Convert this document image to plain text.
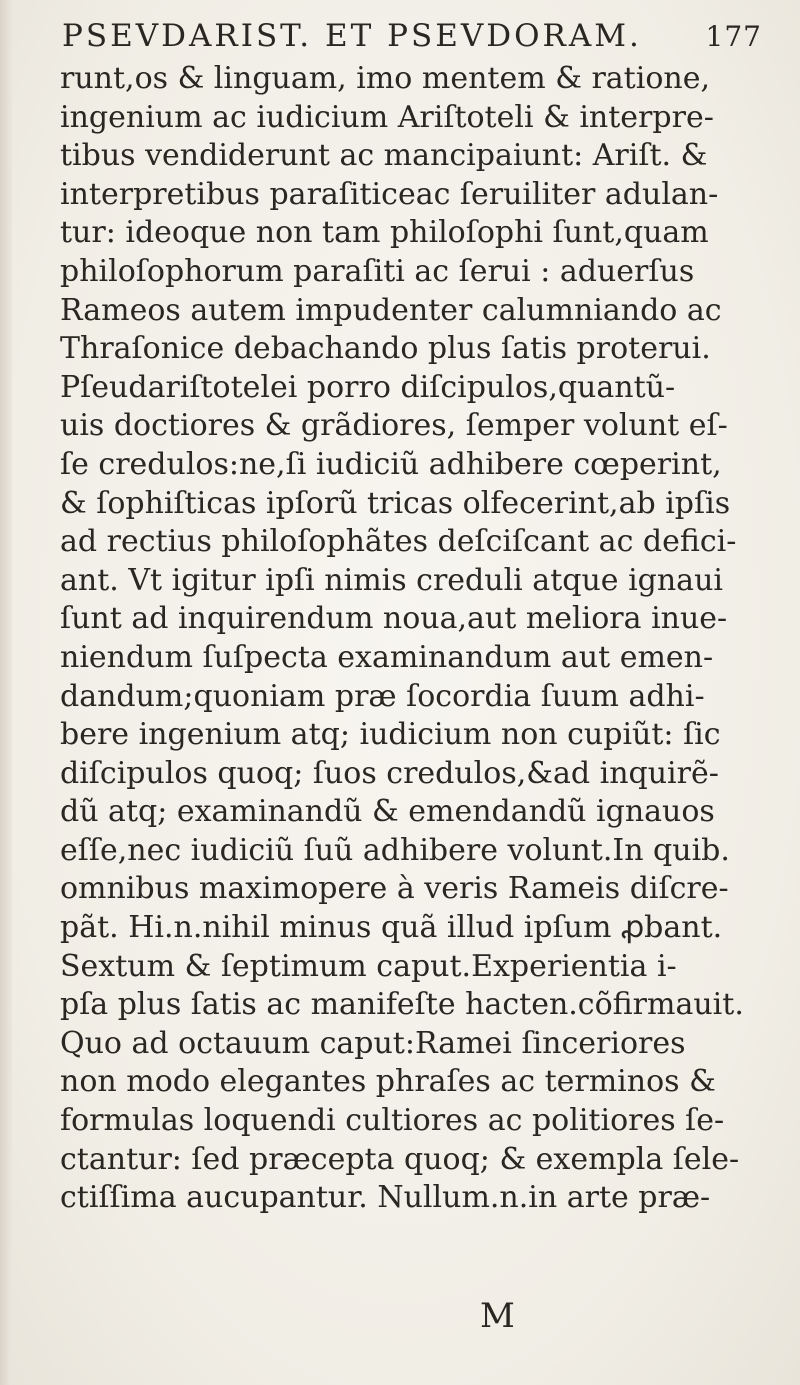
PSEVDARIST. ET PSEVDORAM. 177
runt,os & linguam, imo mentem & ratione,
ingenium ac iudicium Ariſtoteli & interpre-
tibus vendiderunt ac mancipaiunt: Ariſt. &
interpretibus paraſiticeac ſeruiliter adulan-
tur: ideoque non tam philoſophi ſunt,quam
philoſophorum paraſiti ac ſerui : aduerſus
Rameos autem impudenter calumniando ac
Thraſonice debachando plus ſatis proterui.
Pſeudariſtotelei porro diſcipulos,quantũ-
uis doctiores & grãdiores, ſemper volunt eſ-
ſe credulos:ne,ſi iudiciũ adhibere cœperint,
& ſophiſticas ipſorũ tricas olfecerint,ab ipſis
ad rectius philoſophãtes deſciſcant ac defici-
ant. Vt igitur ipſi nimis creduli atque ignaui
ſunt ad inquirendum noua,aut meliora inue-
niendum ſuſpecta examinandum aut emen-
dandum;quoniam præ ſocordia ſuum adhi-
bere ingenium atq; iudicium non cupiũt: ſic
diſcipulos quoq; ſuos credulos,&ad inquirẽ-
dũ atq; examinandũ & emendandũ ignauos
eſſe,nec iudiciũ ſuũ adhibere volunt.In quib.
omnibus maximopere à veris Rameis diſcre-
pãt. Hi.n.nihil minus quã illud ipſum ꝓbant.
Sextum & ſeptimum caput.Experientia i-
pſa plus ſatis ac manifeſte hacten.cõfirmauit.
Quo ad octauum caput:Ramei ſinceriores
non modo elegantes phraſes ac terminos &
formulas loquendi cultiores ac politiores ſe-
ctantur: ſed præcepta quoq; & exempla ſele-
ctiſſima aucupantur. Nullum.n.in arte præ-
M
